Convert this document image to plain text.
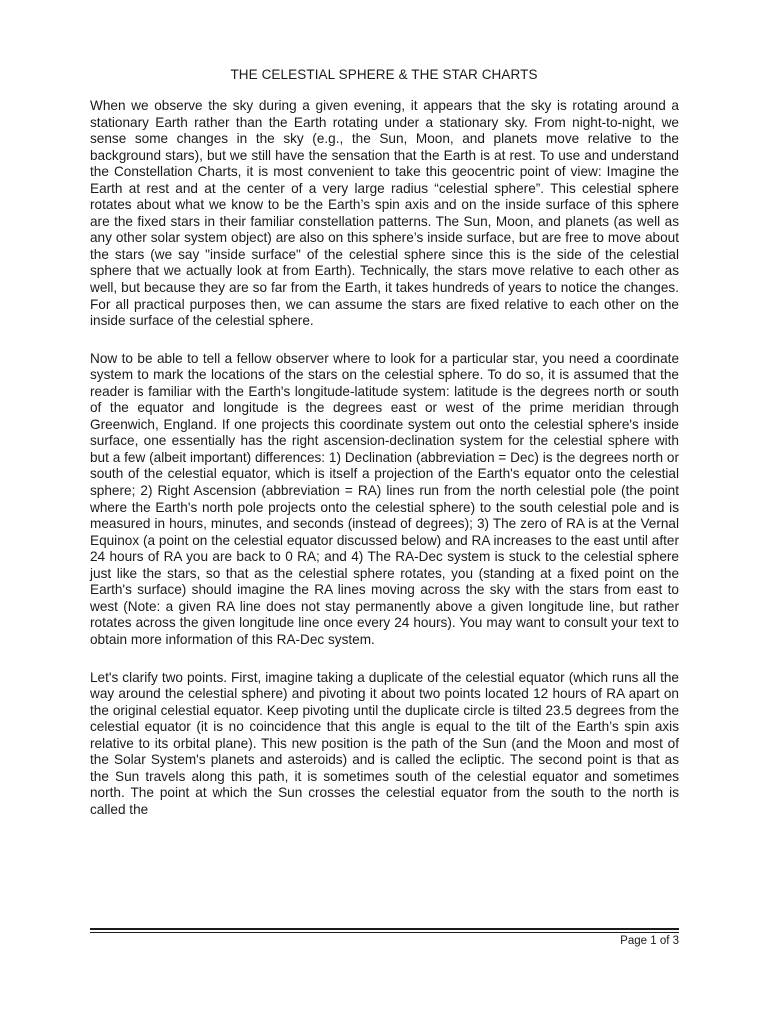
THE CELESTIAL SPHERE & THE STAR CHARTS

When we observe the sky during a given evening, it appears that the sky is rotating around a stationary Earth rather than the Earth rotating under a stationary sky. From night-to-night, we sense some changes in the sky (e.g., the Sun, Moon, and planets move relative to the background stars), but we still have the sensation that the Earth is at rest. To use and understand the Constellation Charts, it is most convenient to take this geocentric point of view: Imagine the Earth at rest and at the center of a very large radius “celestial sphere”. This celestial sphere rotates about what we know to be the Earth’s spin axis and on the inside surface of this sphere are the fixed stars in their familiar constellation patterns. The Sun, Moon, and planets (as well as any other solar system object) are also on this sphere’s inside surface, but are free to move about the stars (we say "inside surface" of the celestial sphere since this is the side of the celestial sphere that we actually look at from Earth). Technically, the stars move relative to each other as well, but because they are so far from the Earth, it takes hundreds of years to notice the changes. For all practical purposes then, we can assume the stars are fixed relative to each other on the inside surface of the celestial sphere.

Now to be able to tell a fellow observer where to look for a particular star, you need a coordinate system to mark the locations of the stars on the celestial sphere. To do so, it is assumed that the reader is familiar with the Earth's longitude-latitude system: latitude is the degrees north or south of the equator and longitude is the degrees east or west of the prime meridian through Greenwich, England. If one projects this coordinate system out onto the celestial sphere's inside surface, one essentially has the right ascension-declination system for the celestial sphere with but a few (albeit important) differences: 1) Declination (abbreviation = Dec) is the degrees north or south of the celestial equator, which is itself a projection of the Earth's equator onto the celestial sphere; 2) Right Ascension (abbreviation = RA) lines run from the north celestial pole (the point where the Earth's north pole projects onto the celestial sphere) to the south celestial pole and is measured in hours, minutes, and seconds (instead of degrees); 3) The zero of RA is at the Vernal Equinox (a point on the celestial equator discussed below) and RA increases to the east until after 24 hours of RA you are back to 0 RA; and 4) The RA-Dec system is stuck to the celestial sphere just like the stars, so that as the celestial sphere rotates, you (standing at a fixed point on the Earth's surface) should imagine the RA lines moving across the sky with the stars from east to west (Note: a given RA line does not stay permanently above a given longitude line, but rather rotates across the given longitude line once every 24 hours). You may want to consult your text to obtain more information of this RA-Dec system.

Let's clarify two points. First, imagine taking a duplicate of the celestial equator (which runs all the way around the celestial sphere) and pivoting it about two points located 12 hours of RA apart on the original celestial equator. Keep pivoting until the duplicate circle is tilted 23.5 degrees from the celestial equator (it is no coincidence that this angle is equal to the tilt of the Earth’s spin axis relative to its orbital plane). This new position is the path of the Sun (and the Moon and most of the Solar System's planets and asteroids) and is called the ecliptic. The second point is that as the Sun travels along this path, it is sometimes south of the celestial equator and sometimes north. The point at which the Sun crosses the celestial equator from the south to the north is called the

Page 1 of 3
